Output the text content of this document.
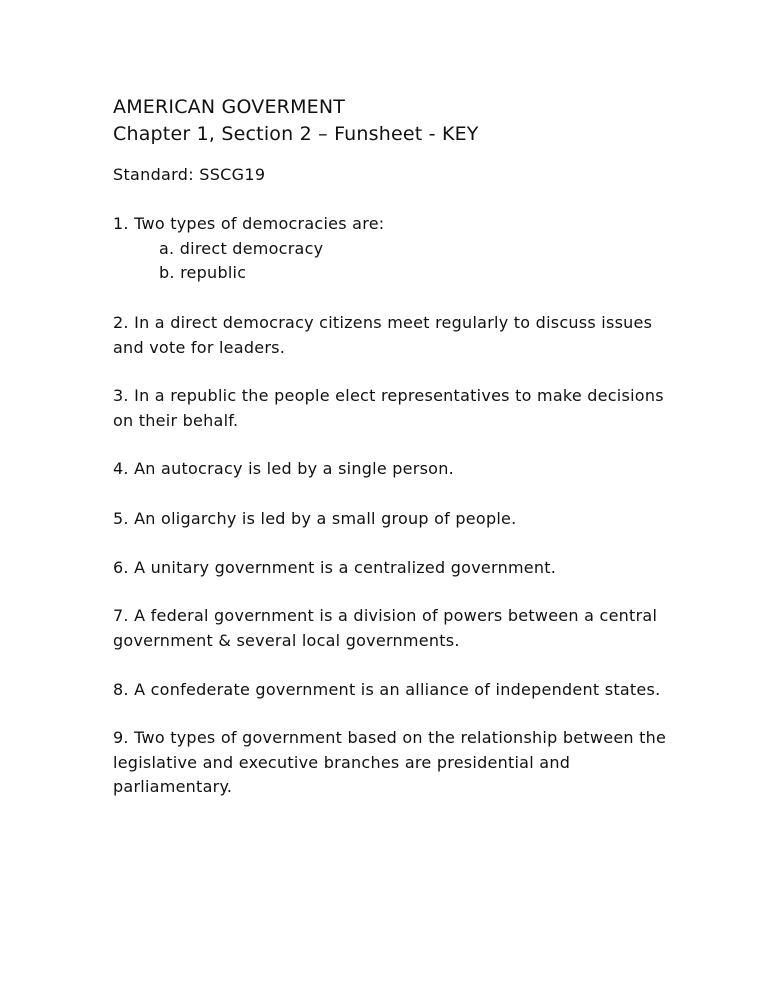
AMERICAN GOVERMENT
Chapter 1, Section 2 – Funsheet - KEY
Standard: SSCG19
1. Two types of democracies are:
a. direct democracy
b. republic
2. In a direct democracy citizens meet regularly to discuss issues and vote for leaders.
3. In a republic the people elect representatives to make decisions on their behalf.
4. An autocracy is led by a single person.
5. An oligarchy is led by a small group of people.
6. A unitary government is a centralized government.
7. A federal government is a division of powers between a central government & several local governments.
8. A confederate government is an alliance of independent states.
9. Two types of government based on the relationship between the legislative and executive branches are presidential and parliamentary.
